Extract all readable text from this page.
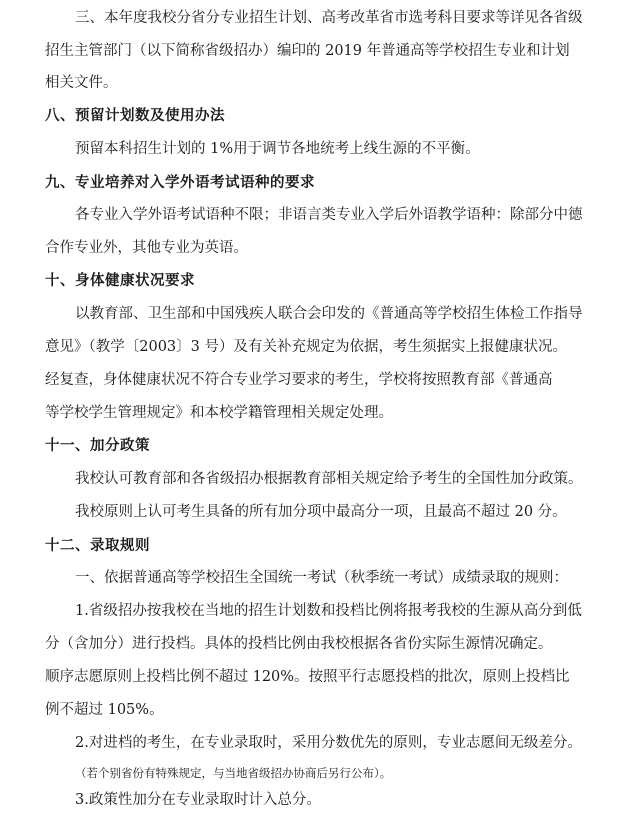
三、本年度我校分省分专业招生计划、高考改革省市选考科目要求等详见各省级
招生主管部门（以下简称省级招办）编印的 2019 年普通高等学校招生专业和计划
相关文件。
八、预留计划数及使用办法
预留本科招生计划的 1%用于调节各地统考上线生源的不平衡。
九、专业培养对入学外语考试语种的要求
各专业入学外语考试语种不限；非语言类专业入学后外语教学语种：除部分中德
合作专业外，其他专业为英语。
十、身体健康状况要求
以教育部、卫生部和中国残疾人联合会印发的《普通高等学校招生体检工作指导
意见》（教学〔2003〕3 号）及有关补充规定为依据，考生须据实上报健康状况。
经复查，身体健康状况不符合专业学习要求的考生，学校将按照教育部《普通高
等学校学生管理规定》和本校学籍管理相关规定处理。
十一、加分政策
我校认可教育部和各省级招办根据教育部相关规定给予考生的全国性加分政策。
我校原则上认可考生具备的所有加分项中最高分一项，且最高不超过 20 分。
十二、录取规则
一、依据普通高等学校招生全国统一考试（秋季统一考试）成绩录取的规则：
1.省级招办按我校在当地的招生计划数和投档比例将报考我校的生源从高分到低
分（含加分）进行投档。具体的投档比例由我校根据各省份实际生源情况确定。
顺序志愿原则上投档比例不超过 120%。按照平行志愿投档的批次，原则上投档比
例不超过 105%。
2.对进档的考生，在专业录取时，采用分数优先的原则，专业志愿间无级差分。
（若个别省份有特殊规定，与当地省级招办协商后另行公布）。
3.政策性加分在专业录取时计入总分。
